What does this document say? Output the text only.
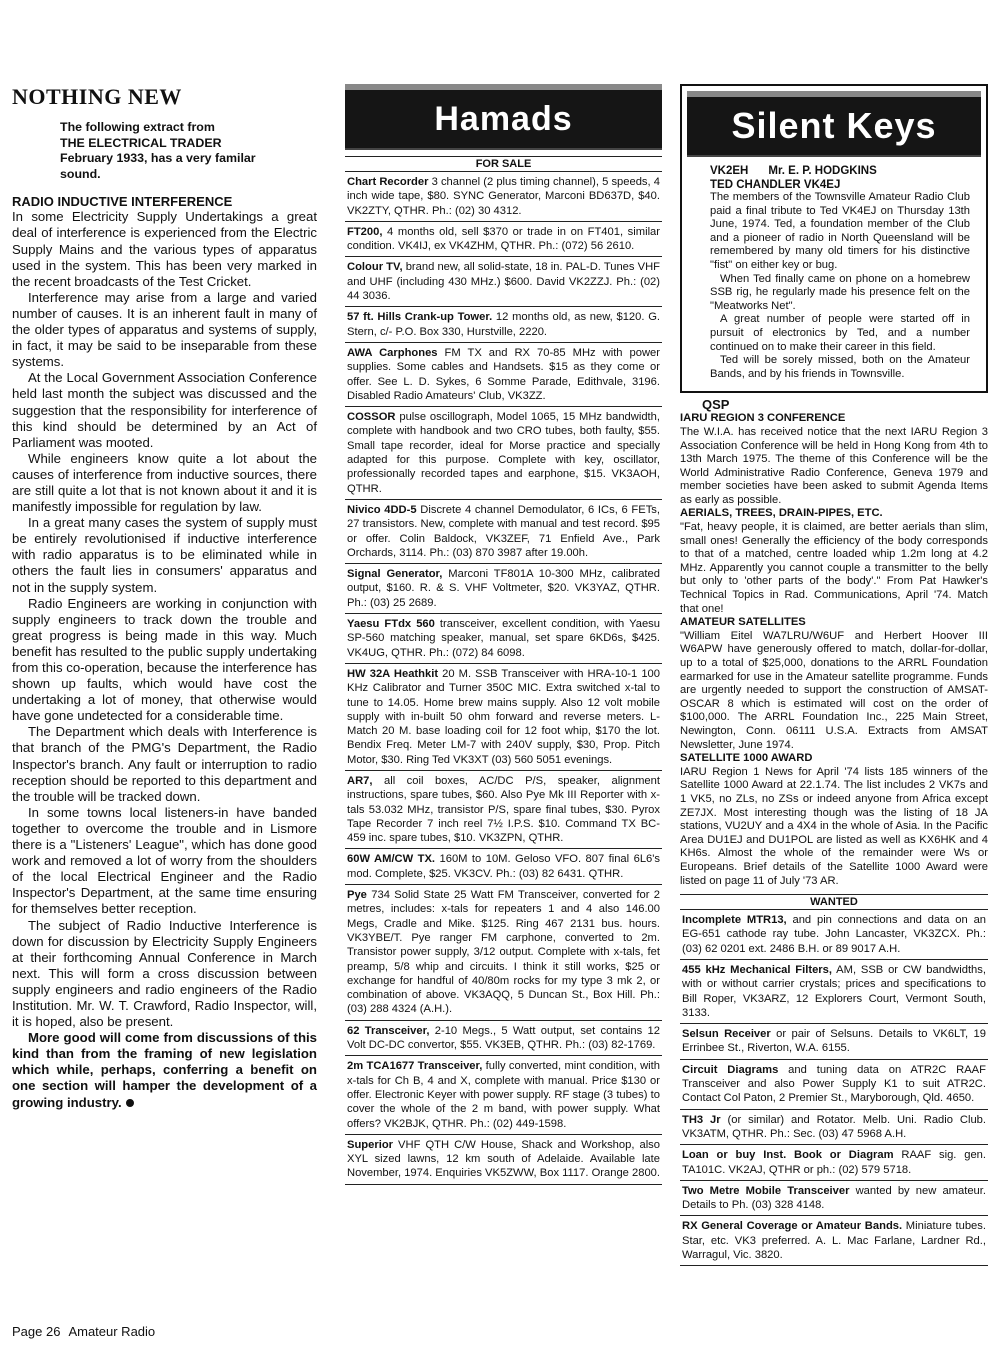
NOTHING NEW

The following extract from

THE ELECTRICAL TRADER

February 1933, has a very familar

sound.

RADIO INDUCTIVE INTERFERENCE

In some Electricity Supply Undertakings a great deal of interference is experienced from the Electric Supply Mains and the various types of apparatus used in the system. This has been very marked in the recent broadcasts of the Test Cricket.

Interference may arise from a large and varied number of causes. It is an inherent fault in many of the older types of apparatus and systems of supply, in fact, it may be said to be inseparable from these systems.

At the Local Government Association Conference held last month the subject was discussed and the suggestion that the responsibility for interference of this kind should be determined by an Act of Parliament was mooted.

While engineers know quite a lot about the causes of interference from inductive sources, there are still quite a lot that is not known about it and it is manifestly impossible for regulation by law.

In a great many cases the system of supply must be entirely revolutionised if inductive interference with radio apparatus is to be eliminated while in others the fault lies in consumers' apparatus and not in the supply system.

Radio Engineers are working in conjunction with supply engineers to track down the trouble and great progress is being made in this way. Much benefit has resulted to the public supply undertaking from this co-operation, because the interference has shown up faults, which would have cost the undertaking a lot of money, that otherwise would have gone undetected for a considerable time.

The Department which deals with Interference is that branch of the PMG's Department, the Radio Inspector's branch. Any fault or interruption to radio reception should be reported to this department and the trouble will be tracked down.

In some towns local listeners-in have banded together to overcome the trouble and in Lismore there is a "Listeners' League", which has done good work and removed a lot of worry from the shoulders of the local Electrical Engineer and the Radio Inspector's Department, at the same time ensuring for themselves better reception.

The subject of Radio Inductive Interference is down for discussion by Electricity Supply Engineers at their forthcoming Annual Conference in March next. This will form a cross discussion between supply engineers and radio engineers of the Radio Institution. Mr. W. T. Crawford, Radio Inspector, will, it is hoped, also be present.

More good will come from discussions of this kind than from the framing of new legislation which while, perhaps, conferring a benefit on one section will hamper the development of a growing industry.

Hamads
FOR SALE
Chart Recorder 3 channel (2 plus timing channel), 5 speeds, 4 inch wide tape, $80. SYNC Generator, Marconi BD637D, $40. VK2ZTY, QTHR. Ph.: (02) 30 4312.
FT200, 4 months old, sell $370 or trade in on FT401, similar condition. VK4IJ, ex VK4ZHM, QTHR. Ph.: (072) 56 2610.
Colour TV, brand new, all solid-state, 18 in. PAL-D. Tunes VHF and UHF (including 430 MHz.) $600. David VK2ZZJ. Ph.: (02) 44 3036.
57 ft. Hills Crank-up Tower. 12 months old, as new, $120. G. Stern, c/- P.O. Box 330, Hurstville, 2220.
AWA Carphones FM TX and RX 70-85 MHz with power supplies. Some cables and Handsets. $15 as they come or offer. See L. D. Sykes, 6 Somme Parade, Edithvale, 3196. Disabled Radio Amateurs' Club, VK3ZZ.
COSSOR pulse oscillograph, Model 1065, 15 MHz bandwidth, complete with handbook and two CRO tubes, both faulty, $55. Small tape recorder, ideal for Morse practice and specially adapted for this purpose. Complete with key, oscillator, professionally recorded tapes and earphone, $15. VK3AOH, QTHR.
Nivico 4DD-5 Discrete 4 channel Demodulator, 6 ICs, 6 FETs, 27 transistors. New, complete with manual and test record. $95 or offer. Colin Baldock, VK3ZEF, 71 Enfield Ave., Park Orchards, 3114. Ph.: (03) 870 3987 after 19.00h.
Signal Generator, Marconi TF801A 10-300 MHz, calibrated output, $160. R. & S. VHF Voltmeter, $20. VK3YAZ, QTHR. Ph.: (03) 25 2689.
Yaesu FTdx 560 transceiver, excellent condition, with Yaesu SP-560 matching speaker, manual, set spare 6KD6s, $425. VK4UG, QTHR. Ph.: (072) 84 6098.
HW 32A Heathkit 20 M. SSB Transceiver with HRA-10-1 100 KHz Calibrator and Turner 350C MIC. Extra switched x-tal to tune to 14.05. Home brew mains supply. Also 12 volt mobile supply with in-built 50 ohm forward and reverse meters. L-Match 20 M. base loading coil for 12 foot whip, $170 the lot. Bendix Freq. Meter LM-7 with 240V supply, $30, Prop. Pitch Motor, $30. Ring Ted VK3XT (03) 560 5051 evenings.
AR7, all coil boxes, AC/DC P/S, speaker, alignment instructions, spare tubes, $60. Also Pye Mk III Reporter with x-tals 53.032 MHz, transistor P/S, spare final tubes, $30. Pyrox Tape Recorder 7 inch reel 7½ I.P.S. $10. Command TX BC-459 inc. spare tubes, $10. VK3ZPN, QTHR.
60W AM/CW TX. 160M to 10M. Geloso VFO. 807 final 6L6's mod. Complete, $25. VK3CV. Ph.: (03) 82 6431. QTHR.
Pye 734 Solid State 25 Watt FM Transceiver, converted for 2 metres, includes: x-tals for repeaters 1 and 4 also 146.00 Megs, Cradle and Mike. $125. Ring 467 2131 bus. hours. VK3YBE/T. Pye ranger FM carphone, converted to 2m. Transistor power supply, 3/12 output. Complete with x-tals, fet preamp, 5/8 whip and circuits. I think it still works, $25 or exchange for handful of 40/80m rocks for my type 3 mk 2, or combination of above. VK3AQQ, 5 Duncan St., Box Hill. Ph.: (03) 288 4324 (A.H.).
62 Transceiver, 2-10 Megs., 5 Watt output, set contains 12 Volt DC-DC convertor, $55. VK3EB, QTHR. Ph.: (03) 82-1769.
2m TCA1677 Transceiver, fully converted, mint condition, with x-tals for Ch B, 4 and X, complete with manual. Price $130 or offer. Electronic Keyer with power supply. RF stage (3 tubes) to cover the whole of the 2 m band, with power supply. What offers? VK2BJK, QTHR. Ph.: (02) 449-1598.
Superior VHF QTH C/W House, Shack and Workshop, also XYL sized lawns, 12 km south of Adelaide. Available late November, 1974. Enquiries VK5ZWW, Box 1117. Orange 2800.
Silent Keys
VK2EH Mr. E. P. HODGKINS
TED CHANDLER VK4EJ

The members of the Townsville Amateur Radio Club paid a final tribute to Ted VK4EJ on Thursday 13th June, 1974. Ted, a foundation member of the Club and a pioneer of radio in North Queensland will be remembered by many old timers for his distinctive "fist" on either key or bug.

When Ted finally came on phone on a homebrew SSB rig, he regularly made his presence felt on the "Meatworks Net".

A great number of people were started off in pursuit of electronics by Ted, and a number continued on to make their career in this field.

Ted will be sorely missed, both on the Amateur Bands, and by his friends in Townsville.

QSP
IARU REGION 3 CONFERENCE
The W.I.A. has received notice that the next IARU Region 3 Association Conference will be held in Hong Kong from 4th to 13th March 1975. The theme of this Conference will be the World Administrative Radio Conference, Geneva 1979 and member societies have been asked to submit Agenda Items as early as possible.
AERIALS, TREES, DRAIN-PIPES, ETC.
"Fat, heavy people, it is claimed, are better aerials than slim, small ones! Generally the efficiency of the body corresponds to that of a matched, centre loaded whip 1.2m long at 4.2 MHz. Apparently you cannot couple a transmitter to the belly but only to 'other parts of the body'." From Pat Hawker's Technical Topics in Rad. Communications, April '74. Match that one!
AMATEUR SATELLITES
"William Eitel WA7LRU/W6UF and Herbert Hoover III W6APW have generously offered to match, dollar-for-dollar, up to a total of $25,000, donations to the ARRL Foundation earmarked for use in the Amateur satellite programme. Funds are urgently needed to support the construction of AMSAT-OSCAR 8 which is estimated will cost on the order of $100,000. The ARRL Foundation Inc., 225 Main Street, Newington, Conn. 06111 U.S.A. Extracts from AMSAT Newsletter, June 1974.
SATELLITE 1000 AWARD
IARU Region 1 News for April '74 lists 185 winners of the Satellite 1000 Award at 22.1.74. The list includes 2 VK7s and 1 VK5, no ZLs, no ZSs or indeed anyone from Africa except ZE7JX. Most interesting though was the listing of 18 JA stations, VU2UY and a 4X4 in the whole of Asia. In the Pacific Area DU1EJ and DU1POL are listed as well as KX6HK and 4 KH6s. Almost the whole of the remainder were Ws or Europeans. Brief details of the Satellite 1000 Award were listed on page 11 of July '73 AR.
WANTED
Incomplete MTR13, and pin connections and data on an EG-651 cathode ray tube. John Lancaster, VK3ZCX. Ph.: (03) 62 0201 ext. 2486 B.H. or 89 9017 A.H.
455 kHz Mechanical Filters, AM, SSB or CW bandwidths, with or without carrier crystals; prices and specifications to Bill Roper, VK3ARZ, 12 Explorers Court, Vermont South, 3133.
Selsun Receiver or pair of Selsuns. Details to VK6LT, 19 Errinbee St., Riverton, W.A. 6155.
Circuit Diagrams and tuning data on ATR2C RAAF Transceiver and also Power Supply K1 to suit ATR2C. Contact Col Paton, 2 Premier St., Maryborough, Qld. 4650.
TH3 Jr (or similar) and Rotator. Melb. Uni. Radio Club. VK3ATM, QTHR. Ph.: Sec. (03) 47 5968 A.H.
Loan or buy Inst. Book or Diagram RAAF sig. gen. TA101C. VK2AJ, QTHR or ph.: (02) 579 5718.
Two Metre Mobile Transceiver wanted by new amateur. Details to Ph. (03) 328 4148.
RX General Coverage or Amateur Bands. Miniature tubes. Star, etc. VK3 preferred. A. L. Mac Farlane, Lardner Rd., Warragul, Vic. 3820.
Page 26 Amateur Radio
